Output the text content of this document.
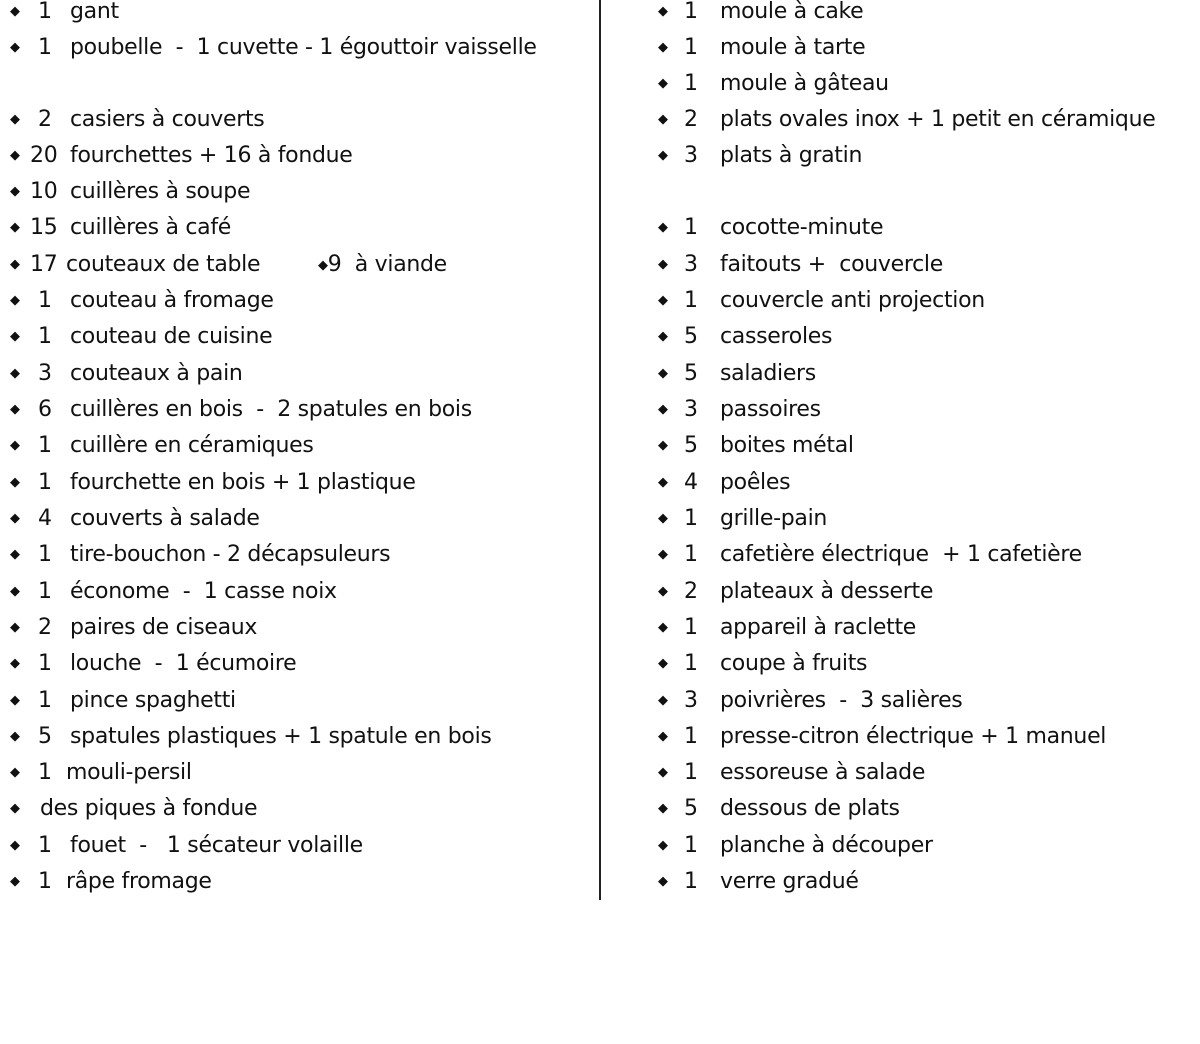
◆

1

gant

◆

1

poubelle  -  1 cuvette - 1 égouttoir vaisselle

◆

2

casiers à couverts

◆

20

fourchettes + 16 à fondue

◆

10

cuillères à soupe

◆

15

cuillères à café

◆

17

couteaux de table

	◆9  à viande

◆

1

couteau à fromage

◆

1

couteau de cuisine

◆

3

couteaux à pain

◆

6

cuillères en bois  -  2 spatules en bois

◆

1

cuillère en céramiques

◆

1

fourchette en bois + 1 plastique

◆

4

couverts à salade

◆

1

tire-bouchon - 2 décapsuleurs

◆

1

économe  -  1 casse noix

◆

2

paires de ciseaux

◆

1

louche  -  1 écumoire

◆

1

pince spaghetti

◆

5

spatules plastiques + 1 spatule en bois

◆

1

mouli-persil

◆

des piques à fondue

◆

1

fouet  -   1 sécateur volaille

◆

1

râpe fromage

◆

1

moule à cake

◆

1

moule à tarte

◆

1

moule à gâteau

◆

2

plats ovales inox + 1 petit en céramique

◆

3

plats à gratin

◆

1

cocotte-minute

◆

3

faitouts +  couvercle

◆

1

couvercle anti projection

◆

5

casseroles

◆

5

saladiers

◆

3

passoires

◆

5

boites métal

◆

4

poêles

◆

1

grille-pain

◆

1

cafetière électrique  + 1 cafetière

◆

2

plateaux à desserte

◆

1

appareil à raclette

◆

1

coupe à fruits

◆

3

poivrières  -  3 salières

◆

1

presse-citron électrique + 1 manuel

◆

1

essoreuse à salade

◆

5

dessous de plats

◆

1

planche à découper

◆

1

verre gradué
